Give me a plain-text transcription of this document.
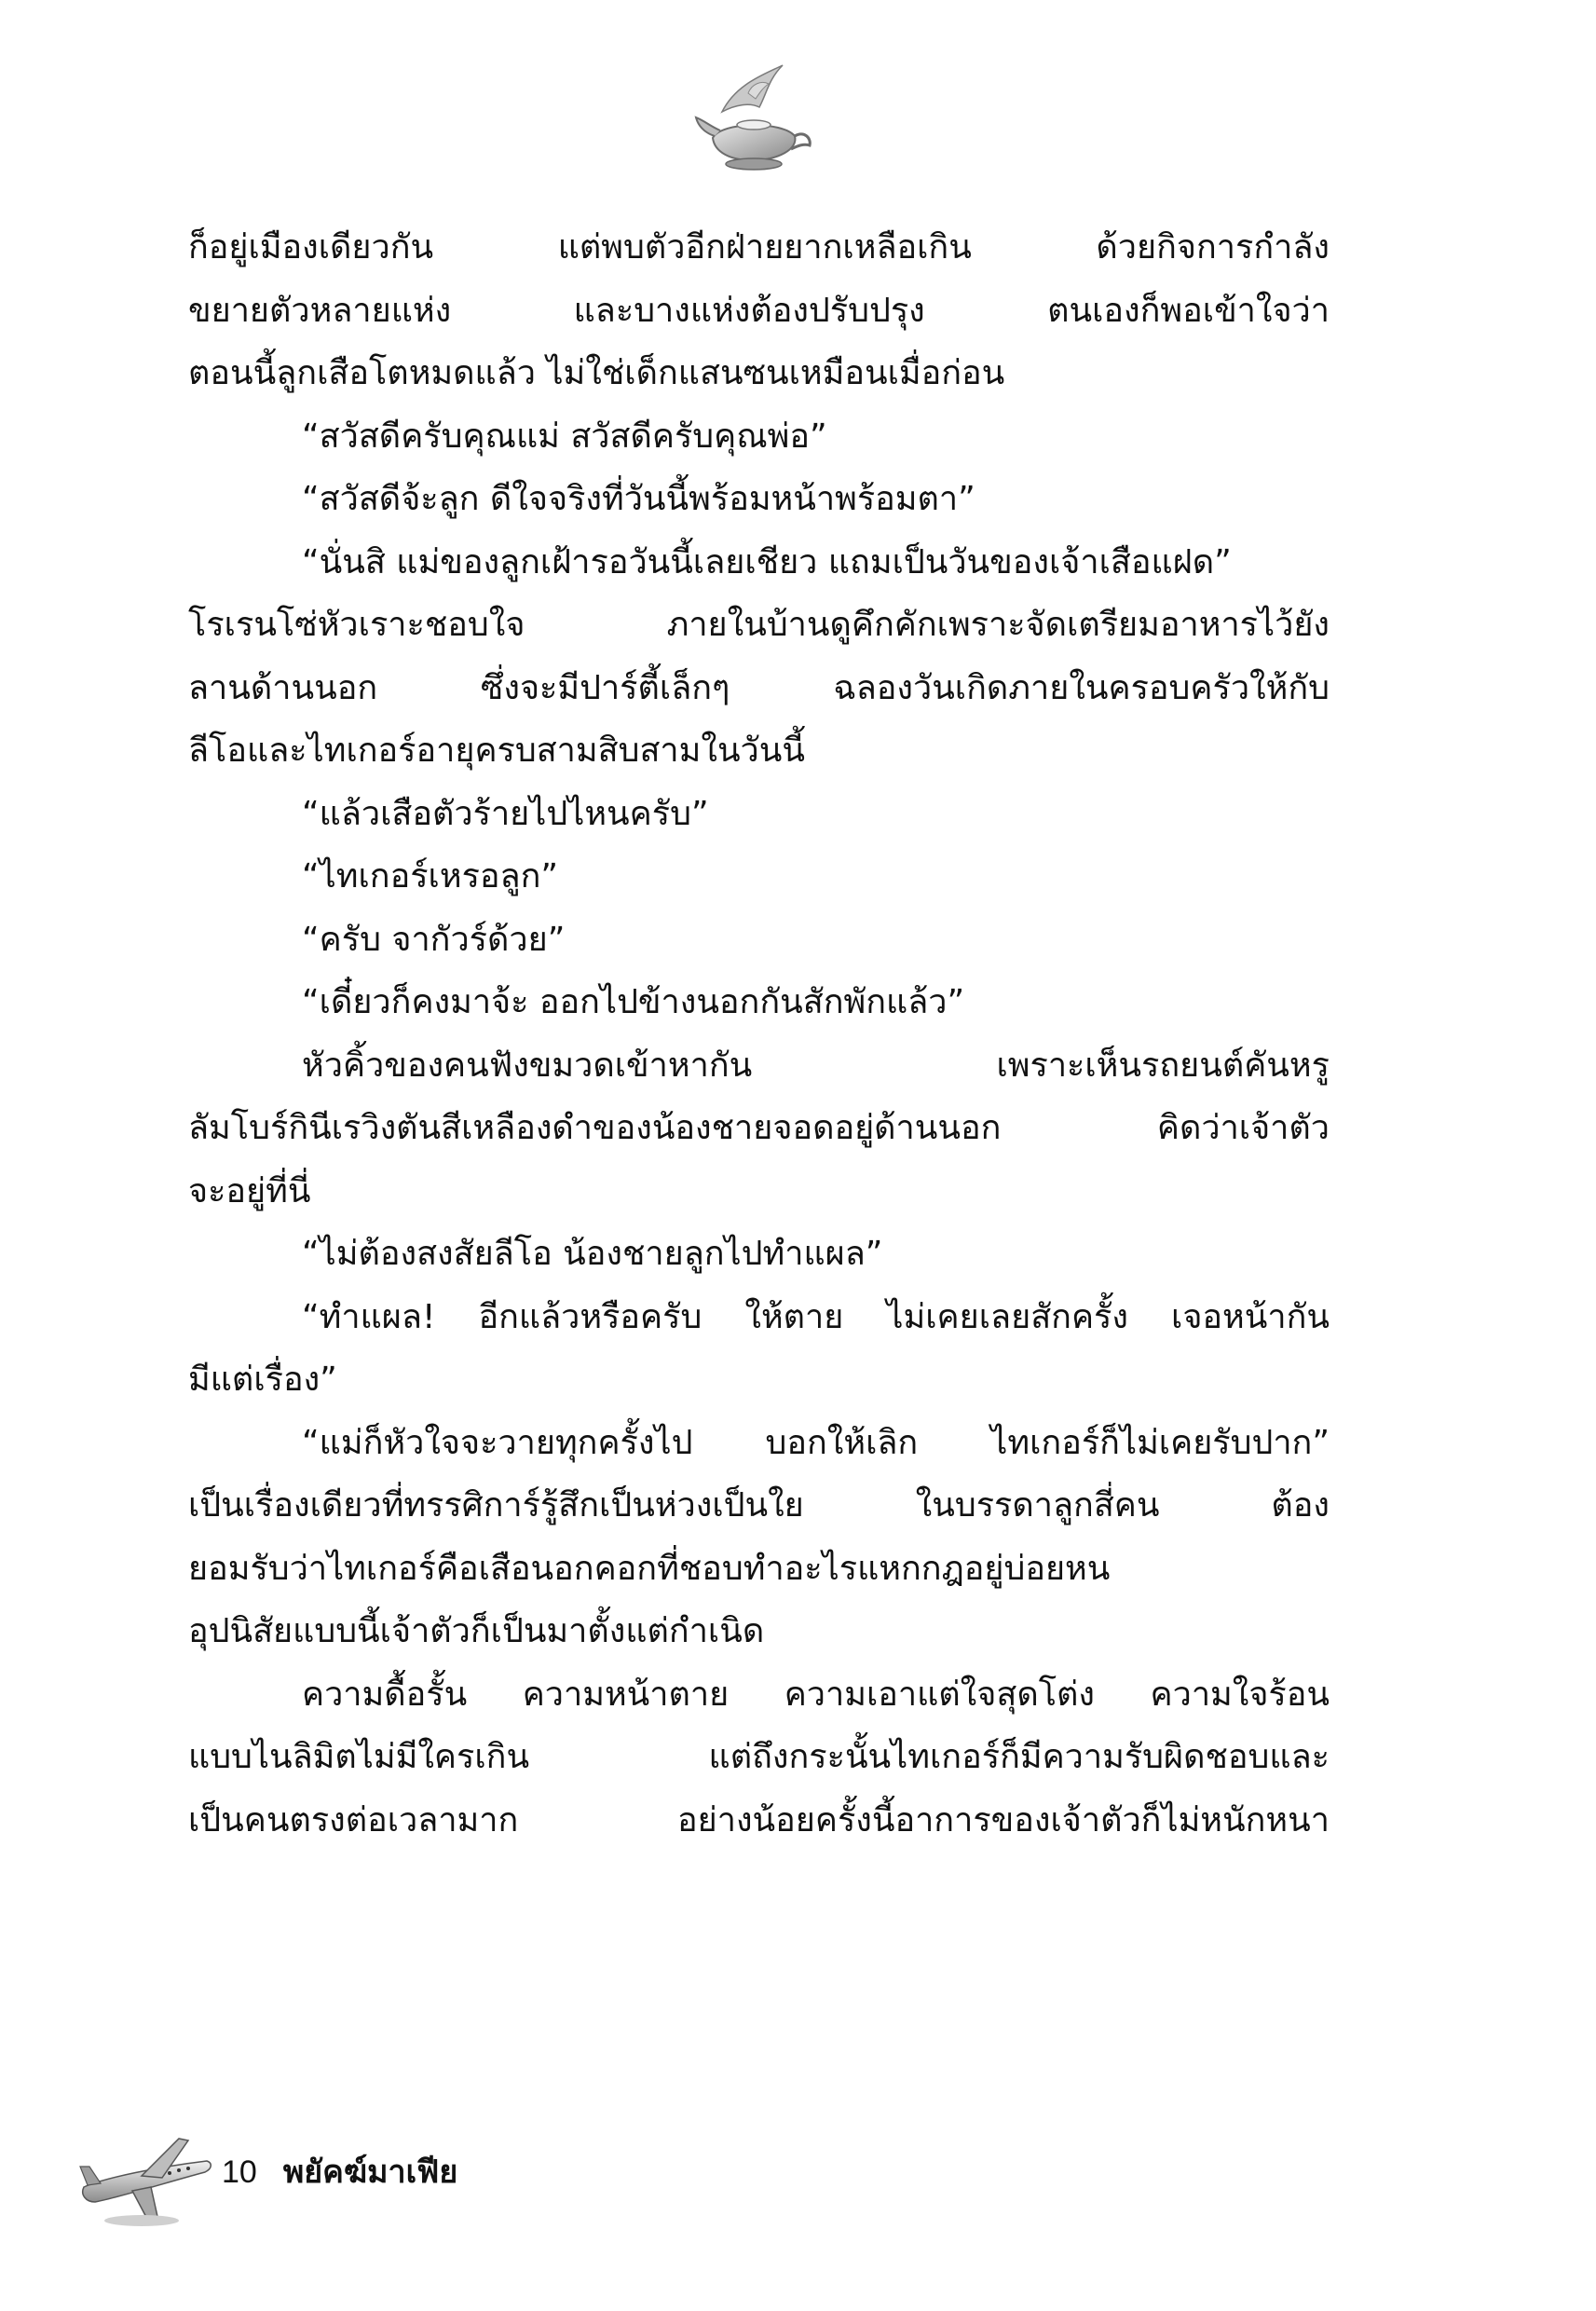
ก็อยู่เมืองเดียวกัน แต่พบตัวอีกฝ่ายยากเหลือเกิน ด้วยกิจการกำลัง

ขยายตัวหลายแห่ง และบางแห่งต้องปรับปรุง ตนเองก็พอเข้าใจว่า

ตอนนี้ลูกเสือโตหมดแล้ว ไม่ใช่เด็กแสนซนเหมือนเมื่อก่อน

“สวัสดีครับคุณแม่ สวัสดีครับคุณพ่อ”

“สวัสดีจ้ะลูก ดีใจจริงที่วันนี้พร้อมหน้าพร้อมตา”

“นั่นสิ แม่ของลูกเฝ้ารอวันนี้เลยเชียว แถมเป็นวันของเจ้าเสือแฝด”

โรเรนโซ่หัวเราะชอบใจ ภายในบ้านดูคึกคักเพราะจัดเตรียมอาหารไว้ยัง

ลานด้านนอก ซึ่งจะมีปาร์ตี้เล็กๆ ฉลองวันเกิดภายในครอบครัวให้กับ

ลีโอและไทเกอร์อายุครบสามสิบสามในวันนี้

“แล้วเสือตัวร้ายไปไหนครับ”

“ไทเกอร์เหรอลูก”

“ครับ จากัวร์ด้วย”

“เดี๋ยวก็คงมาจ้ะ ออกไปข้างนอกกันสักพักแล้ว”

หัวคิ้วของคนฟังขมวดเข้าหากัน เพราะเห็นรถยนต์คันหรู

ลัมโบร์กินีเรวิงตันสีเหลืองดำของน้องชายจอดอยู่ด้านนอก คิดว่าเจ้าตัว

จะอยู่ที่นี่

“ไม่ต้องสงสัยลีโอ น้องชายลูกไปทำแผล”

“ทำแผล! อีกแล้วหรือครับ ให้ตาย ไม่เคยเลยสักครั้ง เจอหน้ากัน

มีแต่เรื่อง”

“แม่ก็หัวใจจะวายทุกครั้งไป บอกให้เลิก ไทเกอร์ก็ไม่เคยรับปาก”

เป็นเรื่องเดียวที่ทรรศิการ์รู้สึกเป็นห่วงเป็นใย ในบรรดาลูกสี่คน ต้อง

ยอมรับว่าไทเกอร์คือเสือนอกคอกที่ชอบทำอะไรแหกกฎอยู่บ่อยหน

อุปนิสัยแบบนี้เจ้าตัวก็เป็นมาตั้งแต่กำเนิด

ความดื้อรั้น ความหน้าตาย ความเอาแต่ใจสุดโต่ง ความใจร้อน

แบบไนลิมิตไม่มีใครเกิน แต่ถึงกระนั้นไทเกอร์ก็มีความรับผิดชอบและ

เป็นคนตรงต่อเวลามาก อย่างน้อยครั้งนี้อาการของเจ้าตัวก็ไม่หนักหนา

10 พยัคฆ์มาเฟีย
